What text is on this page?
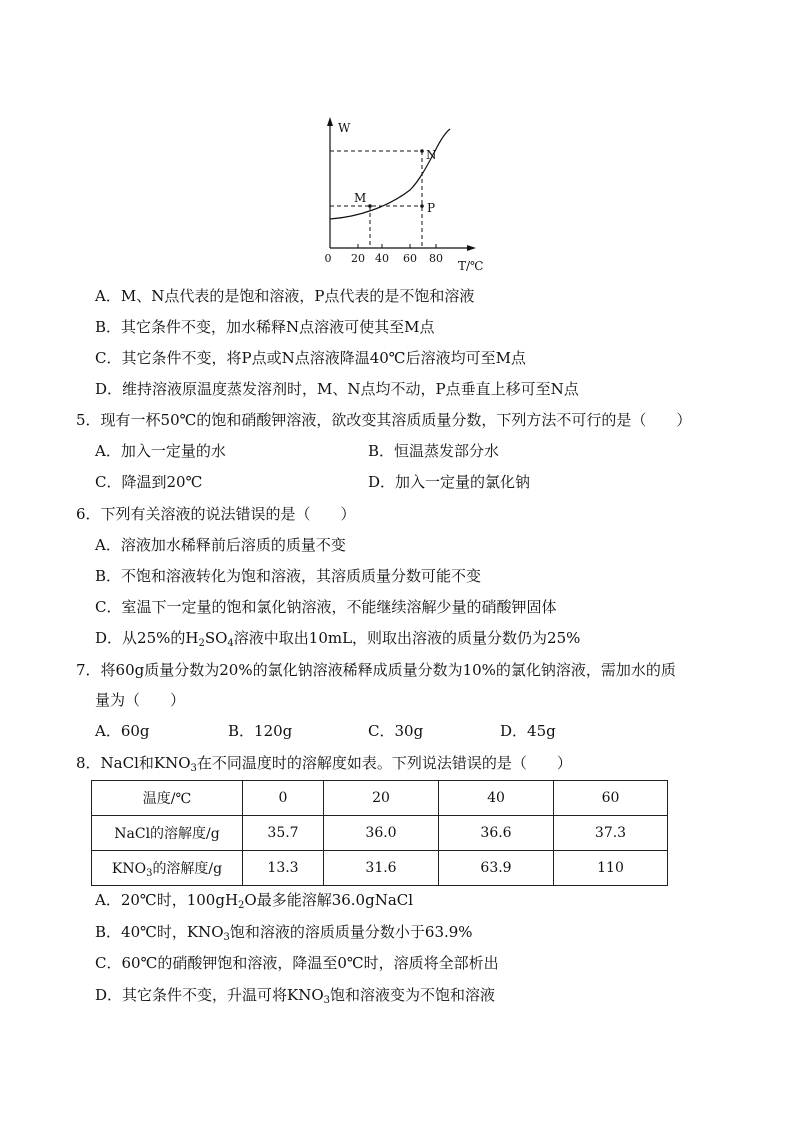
W
T/℃
0 20 40 60 80
M
N
P
A．M、N点代表的是饱和溶液，P点代表的是不饱和溶液
B．其它条件不变，加水稀释N点溶液可使其至M点
C．其它条件不变，将P点或N点溶液降温40℃后溶液均可至M点
D．维持溶液原温度蒸发溶剂时，M、N点均不动，P点垂直上移可至N点
5．现有一杯50℃的饱和硝酸钾溶液，欲改变其溶质质量分数，下列方法不可行的是（　　）
A．加入一定量的水	B．恒温蒸发部分水
C．降温到20℃	D．加入一定量的氯化钠
6．下列有关溶液的说法错误的是（　　）
A．溶液加水稀释前后溶质的质量不变
B．不饱和溶液转化为饱和溶液，其溶质质量分数可能不变
C．室温下一定量的饱和氯化钠溶液，不能继续溶解少量的硝酸钾固体
D．从25%的$H_2SO_4$溶液中取出10mL，则取出溶液的质量分数仍为25%
7．将60g质量分数为20%的氯化钠溶液稀释成质量分数为10%的氯化钠溶液，需加水的质
量为（　　）
A．60g	B．120g	C．30g	D．45g
8．NaCl和$KNO_3$在不同温度时的溶解度如表。下列说法错误的是（　　）
温度/℃	0	20	40	60
NaCl的溶解度/g	35.7	36.0	36.6	37.3
$KNO_3$的溶解度/g	13.3	31.6	63.9	110
A．20℃时，$100gH_2O$最多能溶解36.0gNaCl
B．40℃时，$KNO_3$饱和溶液的溶质质量分数小于63.9%
C．60℃的硝酸钾饱和溶液，降温至0℃时，溶质将全部析出
D．其它条件不变，升温可将$KNO_3$饱和溶液变为不饱和溶液
